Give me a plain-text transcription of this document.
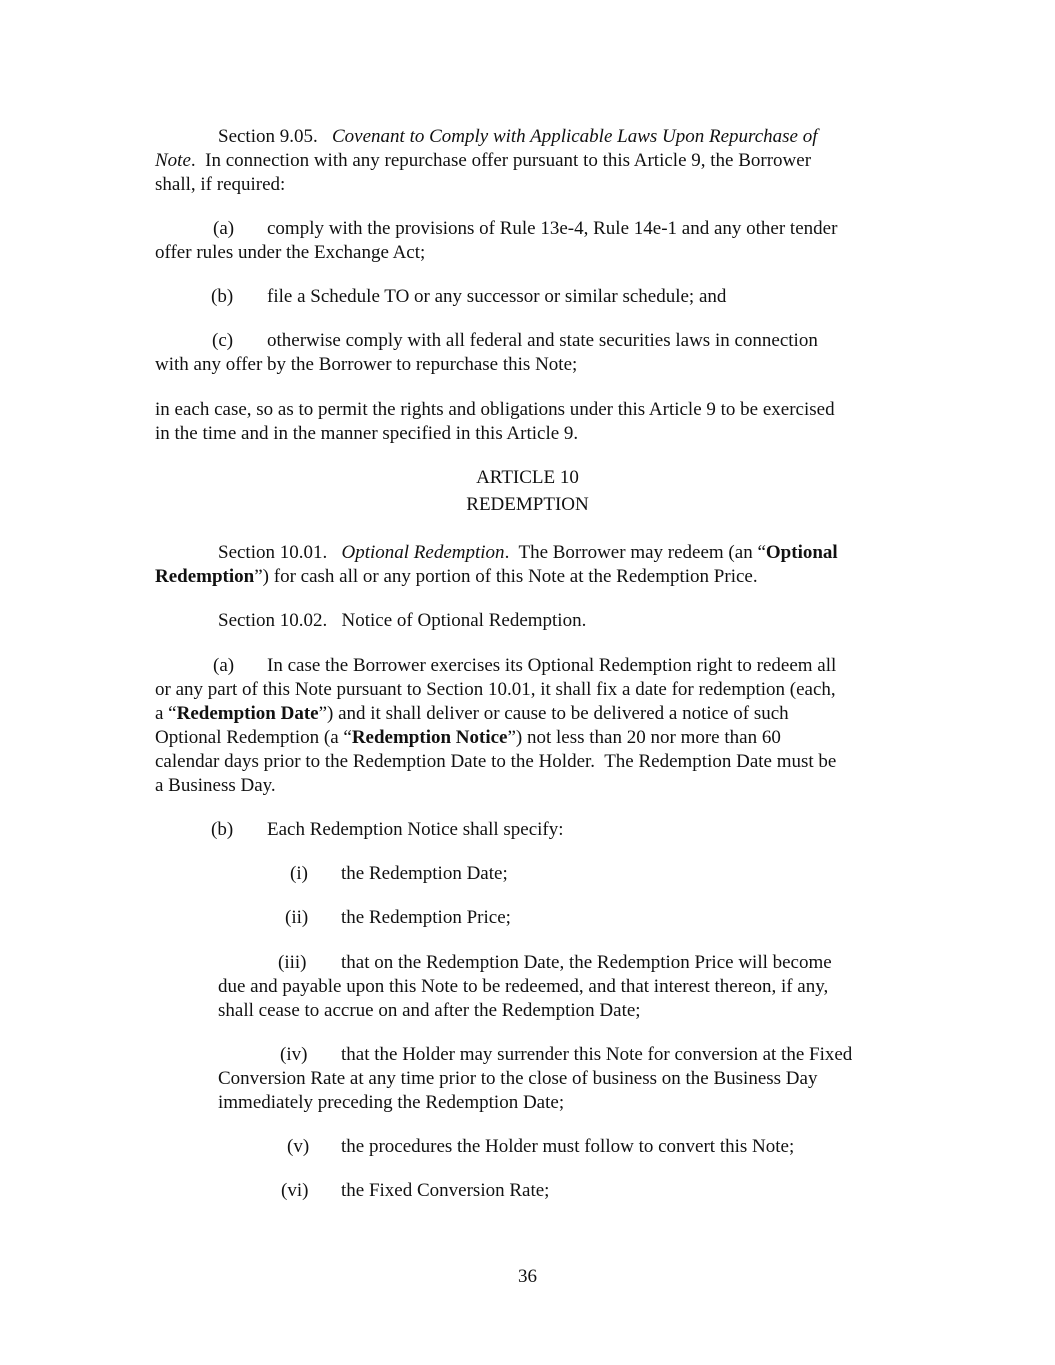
Section 9.05. Covenant to Comply with Applicable Laws Upon Repurchase of
Note.  In connection with any repurchase offer pursuant to this Article 9, the Borrower
shall, if required:
(a) comply with the provisions of Rule 13e-4, Rule 14e-1 and any other tender
offer rules under the Exchange Act;
(b) file a Schedule TO or any successor or similar schedule; and
(c) otherwise comply with all federal and state securities laws in connection
with any offer by the Borrower to repurchase this Note;
in each case, so as to permit the rights and obligations under this Article 9 to be exercised
in the time and in the manner specified in this Article 9.
ARTICLE 10
REDEMPTION
Section 10.01. Optional Redemption.  The Borrower may redeem (an “Optional
Redemption”) for cash all or any portion of this Note at the Redemption Price.
Section 10.02. Notice of Optional Redemption.
(a) In case the Borrower exercises its Optional Redemption right to redeem all
or any part of this Note pursuant to Section 10.01, it shall fix a date for redemption (each,
a “Redemption Date”) and it shall deliver or cause to be delivered a notice of such
Optional Redemption (a “Redemption Notice”) not less than 20 nor more than 60
calendar days prior to the Redemption Date to the Holder.  The Redemption Date must be
a Business Day.
(b) Each Redemption Notice shall specify:
(i) the Redemption Date;
(ii) the Redemption Price;
(iii) that on the Redemption Date, the Redemption Price will become
due and payable upon this Note to be redeemed, and that interest thereon, if any,
shall cease to accrue on and after the Redemption Date;
(iv) that the Holder may surrender this Note for conversion at the Fixed
Conversion Rate at any time prior to the close of business on the Business Day
immediately preceding the Redemption Date;
(v) the procedures the Holder must follow to convert this Note;
(vi) the Fixed Conversion Rate;
36
